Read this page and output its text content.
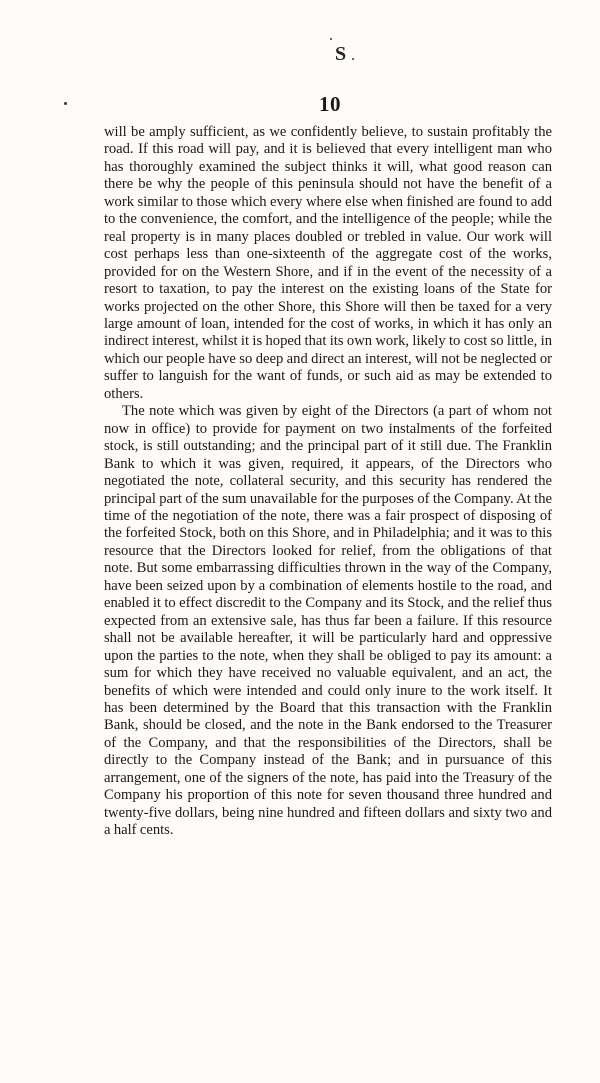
S
10

will be amply sufficient, as we confidently believe, to sustain profitably the road. If this road will pay, and it is believed that every intelligent man who has thoroughly examined the subject thinks it will, what good reason can there be why the people of this peninsula should not have the benefit of a work similar to those which every where else when finished are found to add to the convenience, the comfort, and the intelligence of the people; while the real property is in many places doubled or trebled in value. Our work will cost perhaps less than one-sixteenth of the aggregate cost of the works, provided for on the Western Shore, and if in the event of the necessity of a resort to taxation, to pay the interest on the existing loans of the State for works projected on the other Shore, this Shore will then be taxed for a very large amount of loan, intended for the cost of works, in which it has only an indirect interest, whilst it is hoped that its own work, likely to cost so little, in which our people have so deep and direct an interest, will not be neglected or suffer to languish for the want of funds, or such aid as may be extended to others.

The note which was given by eight of the Directors (a part of whom not now in office) to provide for payment on two instalments of the forfeited stock, is still outstanding; and the principal part of it still due. The Franklin Bank to which it was given, required, it appears, of the Directors who negotiated the note, collateral security, and this security has rendered the principal part of the sum unavailable for the purposes of the Company. At the time of the negotiation of the note, there was a fair prospect of disposing of the forfeited Stock, both on this Shore, and in Philadelphia; and it was to this resource that the Directors looked for relief, from the obligations of that note. But some embarrassing difficulties thrown in the way of the Company, have been seized upon by a combination of elements hostile to the road, and enabled it to effect discredit to the Company and its Stock, and the relief thus expected from an extensive sale, has thus far been a failure. If this resource shall not be available hereafter, it will be particularly hard and oppressive upon the parties to the note, when they shall be obliged to pay its amount: a sum for which they have received no valuable equivalent, and an act, the benefits of which were intended and could only inure to the work itself. It has been determined by the Board that this transaction with the Franklin Bank, should be closed, and the note in the Bank endorsed to the Treasurer of the Company, and that the responsibilities of the Directors, shall be directly to the Company instead of the Bank; and in pursuance of this arrangement, one of the signers of the note, has paid into the Treasury of the Company his proportion of this note for seven thousand three hundred and twenty-five dollars, being nine hundred and fifteen dollars and sixty two and a half cents.
